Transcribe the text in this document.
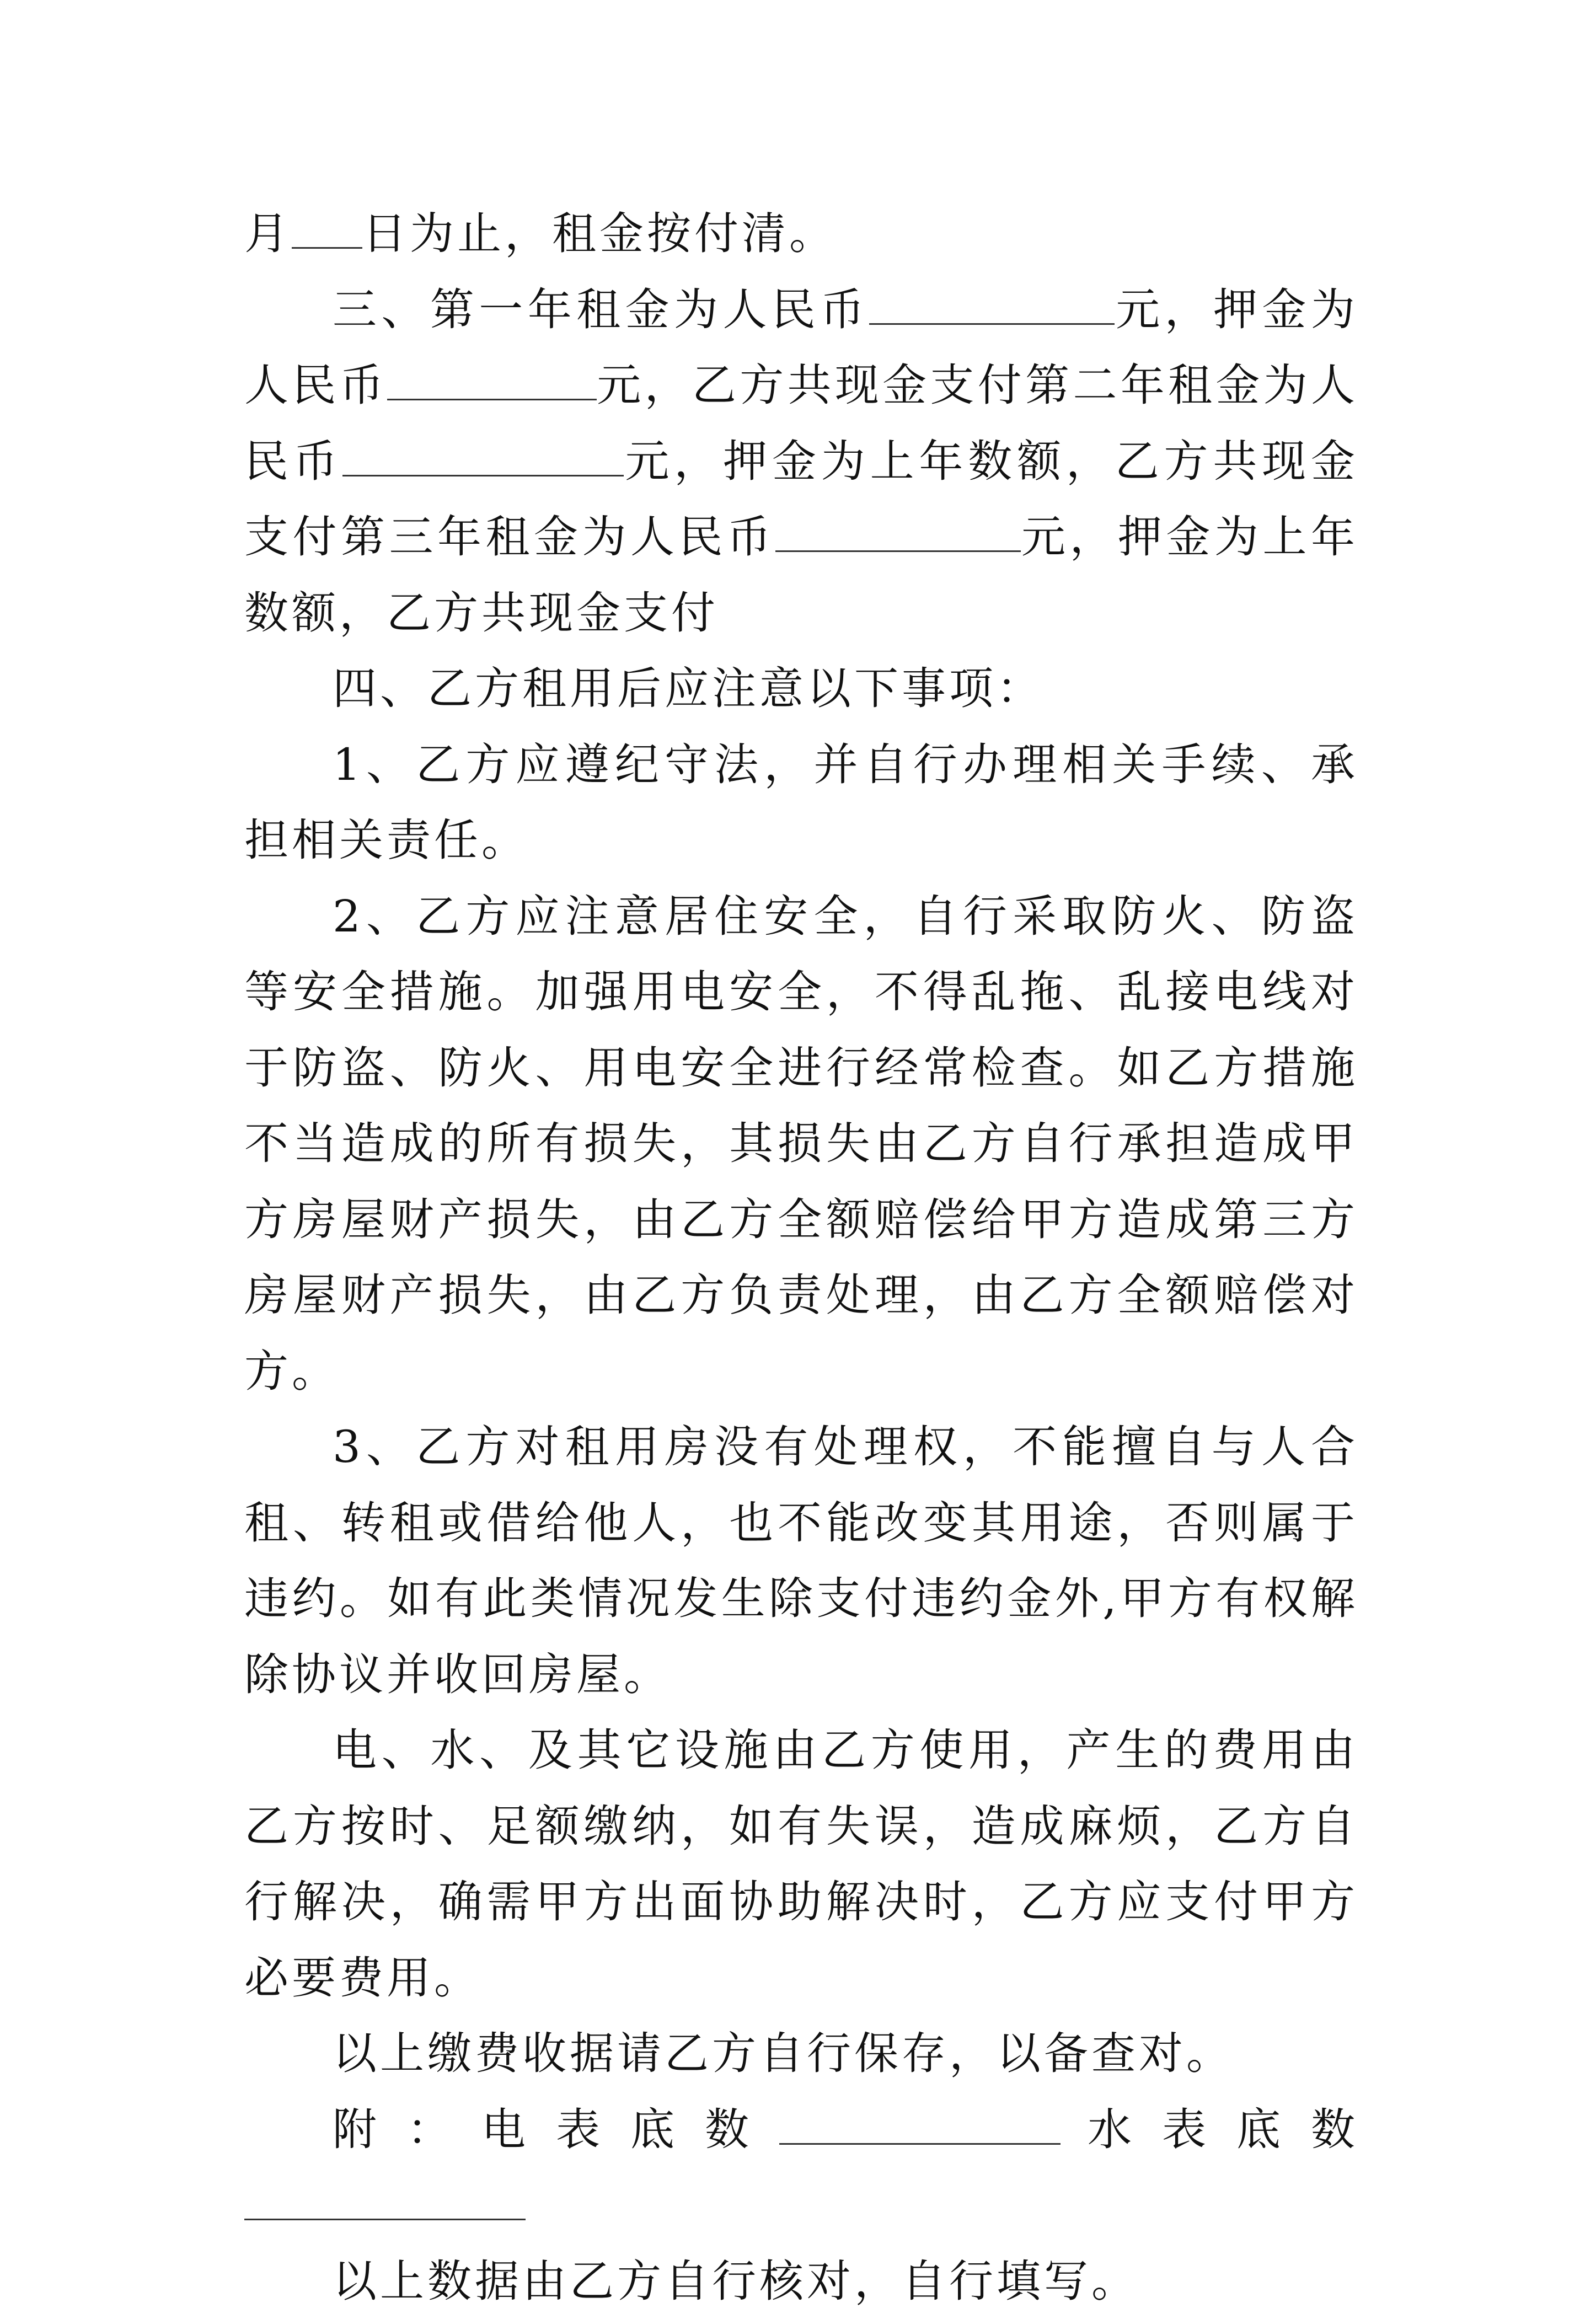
月 日为止，租金按付清。

三、第一年租金为人民币	元，押金为人民币	元，乙方共现金支付第二年租金为人民币	元，押金为上年数额，乙方共现金支付第三年租金为人民币	元，押金为上年数额，乙方共现金支付

四、乙方租用后应注意以下事项：

1、乙方应遵纪守法，并自行办理相关手续、承担相关责任。

2、乙方应注意居住安全，自行采取防火、防盗等安全措施。加强用电安全，不得乱拖、乱接电线对于防盗、防火、用电安全进行经常检查。如乙方措施不当造成的所有损失，其损失由乙方自行承担造成甲方房屋财产损失，由乙方全额赔偿给甲方造成第三方房屋财产损失，由乙方负责处理，由乙方全额赔偿对方。

3、乙方对租用房没有处理权，不能擅自与人合租、转租或借给他人，也不能改变其用途，否则属于违约。如有此类情况发生除支付违约金外,甲方有权解除协议并收回房屋。

电、水、及其它设施由乙方使用，产生的费用由乙方按时、足额缴纳，如有失误，造成麻烦，乙方自行解决，确需甲方出面协助解决时，乙方应支付甲方必要费用。

以上缴费收据请乙方自行保存，以备查对。

附：电表底数	水表底数

以上数据由乙方自行核对，自行填写。
